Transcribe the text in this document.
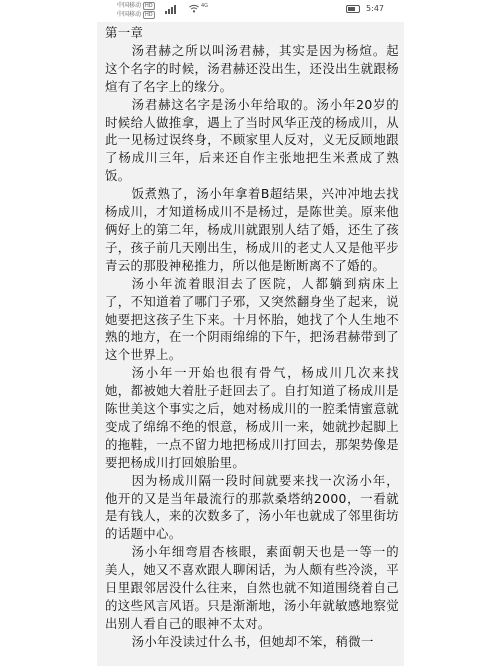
中国移动 HD
中国移动 HD
4G	5:47
第一章

汤君赫之所以叫汤君赫，其实是因为杨煊。起这个名字的时候，汤君赫还没出生，还没出生就跟杨煊有了名字上的缘分。

汤君赫这名字是汤小年给取的。汤小年20岁的时候给人做推拿，遇上了当时风华正茂的杨成川，从此一见杨过误终身，不顾家里人反对，义无反顾地跟了杨成川三年，后来还自作主张地把生米煮成了熟饭。

饭煮熟了，汤小年拿着B超结果，兴冲冲地去找杨成川，才知道杨成川不是杨过，是陈世美。原来他俩好上的第二年，杨成川就跟别人结了婚，还生了孩子，孩子前几天刚出生，杨成川的老丈人又是他平步青云的那股神秘推力，所以他是断断离不了婚的。

汤小年流着眼泪去了医院，人都躺到病床上了，不知道着了哪门子邪，又突然翻身坐了起来，说她要把这孩子生下来。十月怀胎，她找了个人生地不熟的地方，在一个阴雨绵绵的下午，把汤君赫带到了这个世界上。

汤小年一开始也很有骨气，杨成川几次来找她，都被她大着肚子赶回去了。自打知道了杨成川是陈世美这个事实之后，她对杨成川的一腔柔情蜜意就变成了绵绵不绝的恨意，杨成川一来，她就抄起脚上的拖鞋，一点不留力地把杨成川打回去，那架势像是要把杨成川打回娘胎里。

因为杨成川隔一段时间就要来找一次汤小年，他开的又是当年最流行的那款桑塔纳2000，一看就是有钱人，来的次数多了，汤小年也就成了邻里街坊的话题中心。

汤小年细弯眉杏核眼，素面朝天也是一等一的美人，她又不喜欢跟人聊闲话，为人颇有些冷淡，平日里跟邻居没什么往来，自然也就不知道围绕着自己的这些风言风语。只是渐渐地，汤小年就敏感地察觉出别人看自己的眼神不太对。

汤小年没读过什么书，但她却不笨，稍微一
